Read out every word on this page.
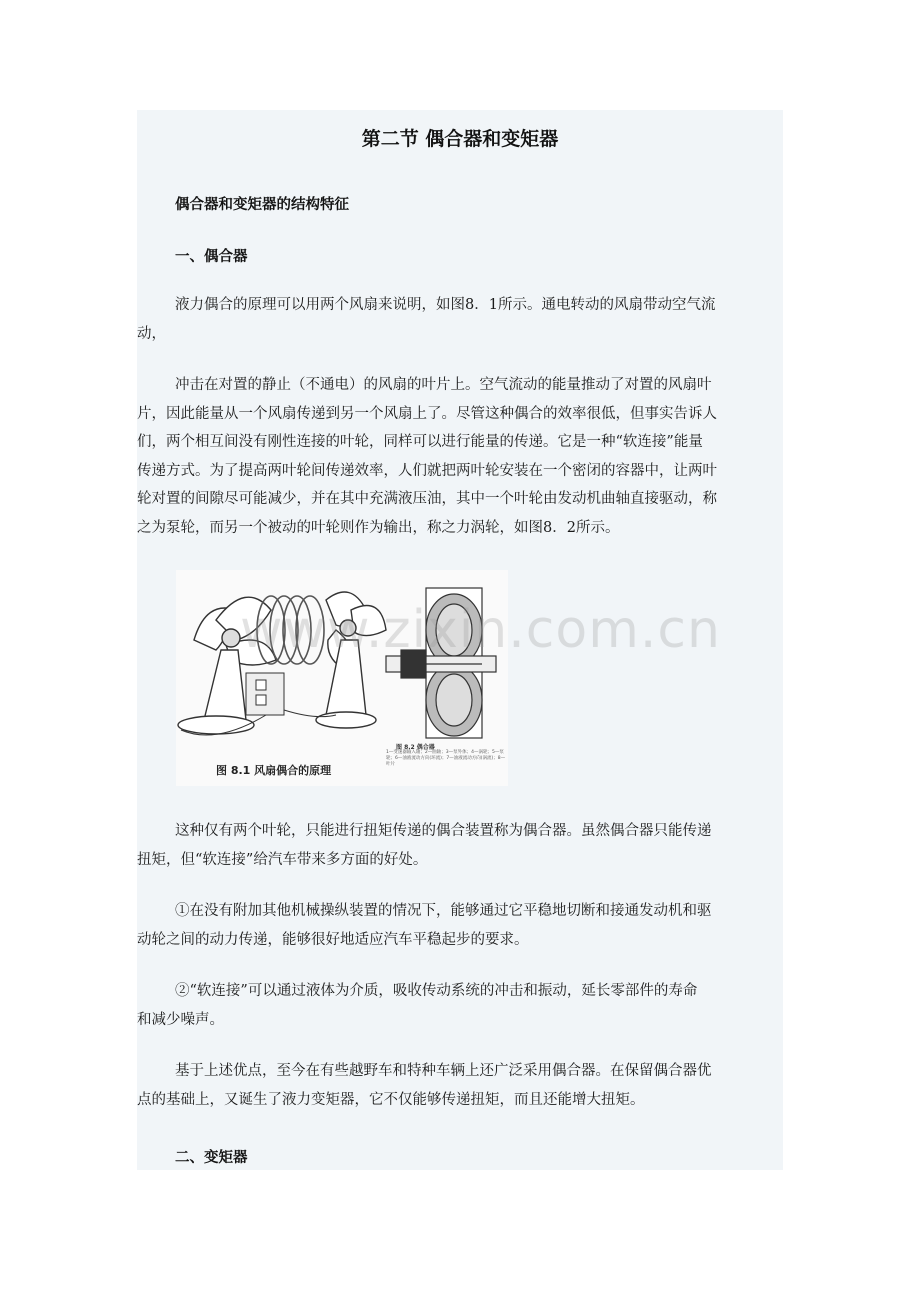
第二节 偶合器和变矩器
偶合器和变矩器的结构特征
一、偶合器

液力偶合的原理可以用两个风扇来说明，如图8．1所示。通电转动的风扇带动空气流
动，

冲击在对置的静止（不通电）的风扇的叶片上。空气流动的能量推动了对置的风扇叶
片，因此能量从一个风扇传递到另一个风扇上了。尽管这种偶合的效率很低，但事实告诉人
们，两个相互间没有刚性连接的叶轮，同样可以进行能量的传递。它是一种“软连接”能量
传递方式。为了提高两叶轮间传递效率，人们就把两叶轮安装在一个密闭的容器中，让两叶
轮对置的间隙尽可能减少，并在其中充满液压油，其中一个叶轮由发动机曲轴直接驱动，称
之为泵轮，而另一个被动的叶轮则作为输出，称之力涡轮，如图8．2所示。

图 8.1 风扇偶合的原理
图 8.2 偶合器
1—变速器输入轴；2—曲轴；3—泵外体；4—涡轮；5—泵轮；6—油液流动方向(环流)；7—油液流动方向(涡流)；8—叶片
www.zixin.com.cn

这种仅有两个叶轮，只能进行扭矩传递的偶合装置称为偶合器。虽然偶合器只能传递
扭矩，但“软连接”给汽车带来多方面的好处。

①在没有附加其他机械操纵装置的情况下，能够通过它平稳地切断和接通发动机和驱
动轮之间的动力传递，能够很好地适应汽车平稳起步的要求。

②“软连接”可以通过液体为介质，吸收传动系统的冲击和振动，延长零部件的寿命
和减少噪声。

基于上述优点，至今在有些越野车和特种车辆上还广泛采用偶合器。在保留偶合器优
点的基础上，又诞生了液力变矩器，它不仅能够传递扭矩，而且还能增大扭矩。

二、变矩器
